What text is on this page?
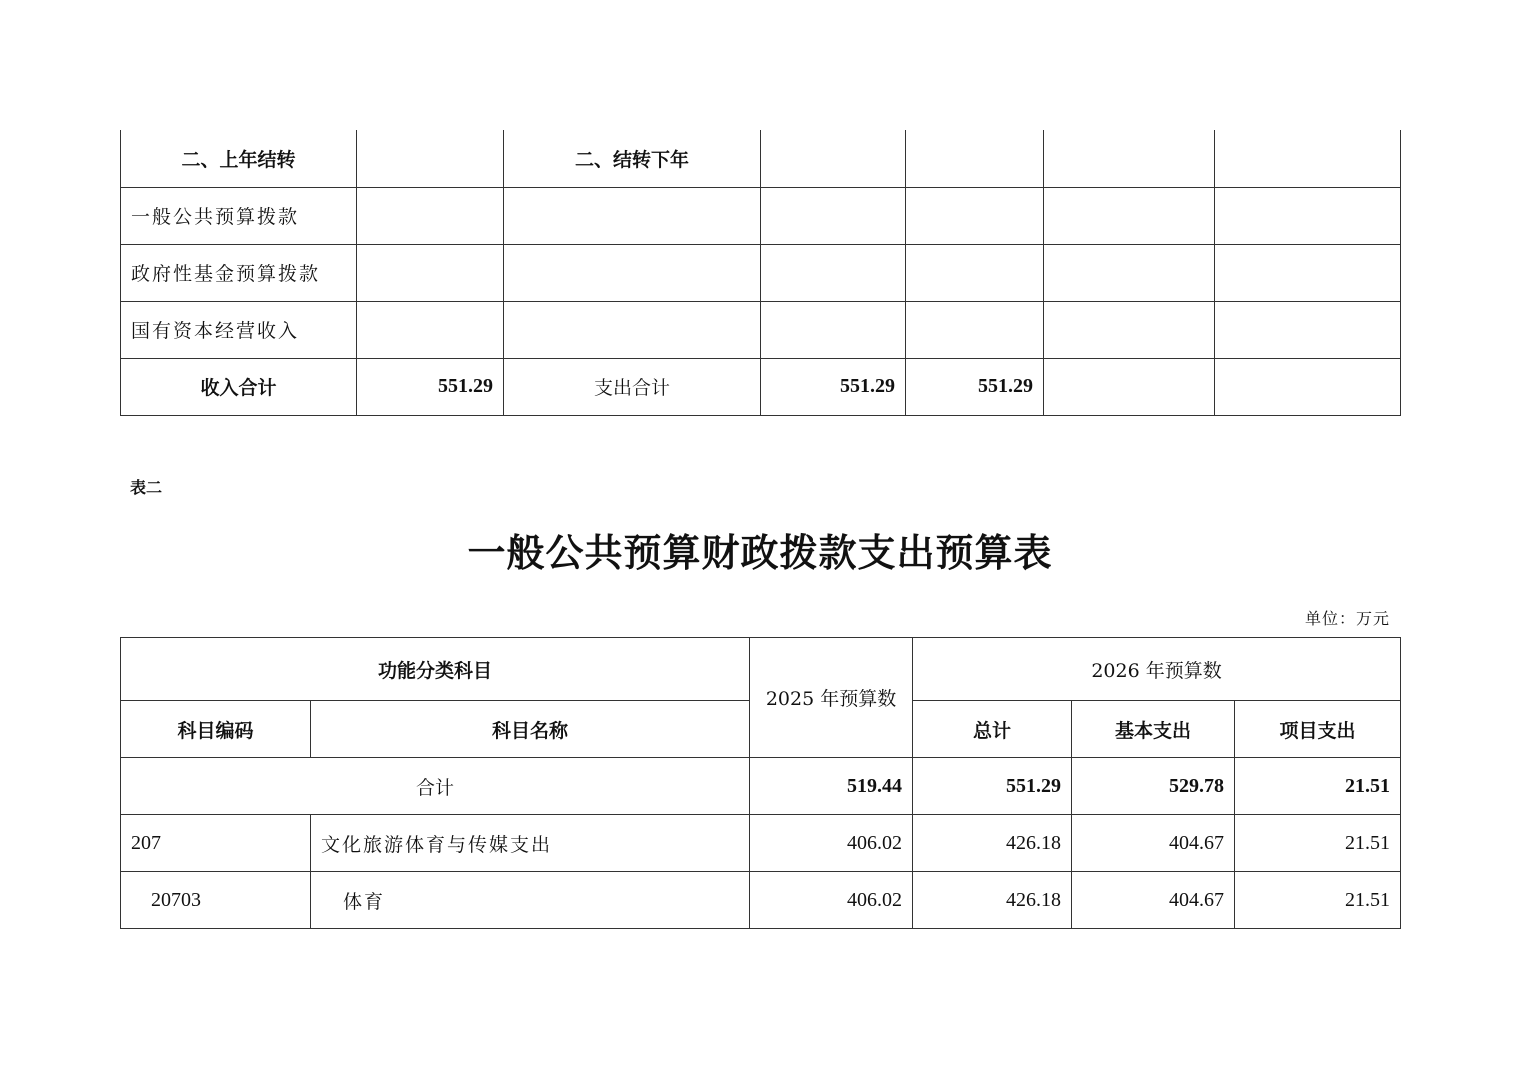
二、上年结转		二、结转下年				
一般公共预算拨款						
政府性基金预算拨款						
国有资本经营收入						
收入合计	551.29	支出合计	551.29	551.29		
表二
一般公共预算财政拨款支出预算表
单位：万元
功能分类科目		2025 年预算数	2026 年预算数		
科目编码	科目名称		总计	基本支出	项目支出
合计		519.44	551.29	529.78	21.51
207	文化旅游体育与传媒支出	406.02	426.18	404.67	21.51
20703	体育	406.02	426.18	404.67	21.51
